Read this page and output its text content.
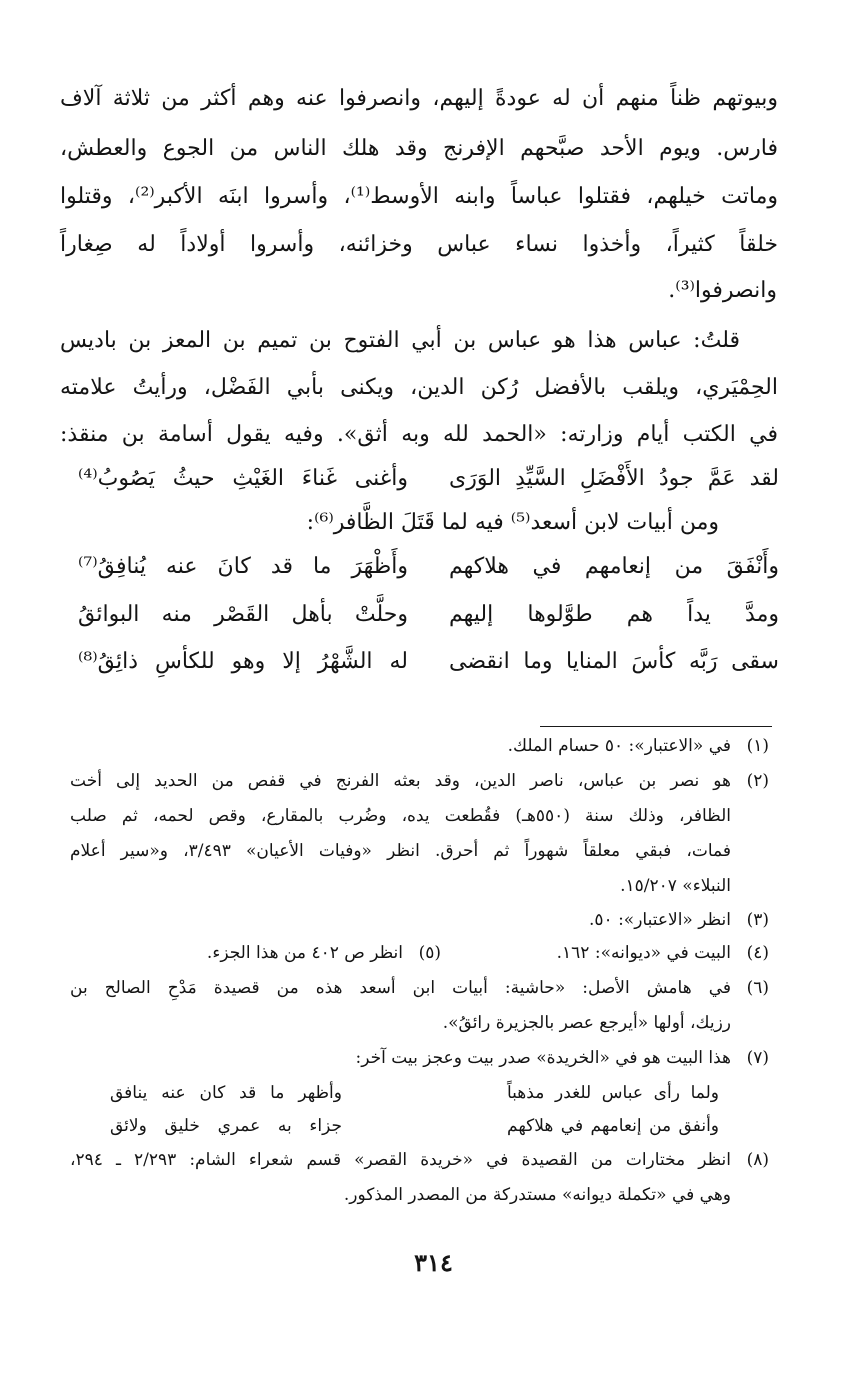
وبيوتهم ظناً منهم أن له عودةً إليهم، وانصرفوا عنه وهم أكثر من ثلاثة آلاف
فارس. ويوم الأحد صبَّحهم الإفرنج وقد هلك الناس من الجوع والعطش،
وماتت خيلهم، فقتلوا عباساً وابنه الأوسط⁽¹⁾، وأسروا ابنَه الأكبر⁽²⁾، وقتلوا
خلقاً كثيراً، وأخذوا نساء عباس وخزائنه، وأسروا أولاداً له صِغاراً
وانصرفوا⁽³⁾.
قلتُ: عباس هذا هو عباس بن أبي الفتوح بن تميم بن المعز بن باديس
الحِمْيَري، ويلقب بالأفضل رُكن الدين، ويكنى بأبي الفَضْل، ورأيتُ علامته
في الكتب أيام وزارته: «الحمد لله وبه أثق». وفيه يقول أسامة بن منقذ:
لقد عَمَّ جودُ الأَفْضَلِ السَّيِّدِ الوَرَى
وأغنى غَناءَ الغَيْثِ حيثُ يَصُوبُ⁽⁴⁾
ومن أبيات لابن أسعد⁽⁵⁾ فيه لما قَتَلَ الظَّافر⁽⁶⁾:
وأَنْفَقَ من إنعامهم في هلاكهم
وأَظْهَرَ ما قد كانَ عنه يُنافِقُ⁽⁷⁾
ومدَّ يداً هم طوَّلوها إليهم
وحلَّتْ بأهل القَصْر منه البوائقُ
سقى رَبَّه كأسَ المنايا وما انقضى
له الشَّهْرُ إلا وهو للكأسِ ذائِقُ⁽⁸⁾
(١)
في «الاعتبار»: ٥٠ حسام الملك.
(٢)
هو نصر بن عباس، ناصر الدين، وقد بعثه الفرنج في قفص من الحديد إلى أخت
الظافر، وذلك سنة (٥٥٠هـ) فقُطعت يده، وضُرب بالمقارع، وقص لحمه، ثم صلب
فمات، فبقي معلقاً شهوراً ثم أحرق. انظر «وفيات الأعيان» ٣/٤٩٣، و«سير أعلام
النبلاء» ١٥/٢٠٧.
(٣)
انظر «الاعتبار»: ٥٠.
(٤)
البيت في «ديوانه»: ١٦٢.
(٥)
انظر ص ٤٠٢ من هذا الجزء.
(٦)
في هامش الأصل: «حاشية: أبيات ابن أسعد هذه من قصيدة مَدْحِ الصالح بن
رزيك، أولها «أيرجع عصر بالجزيرة رائقُ».
(٧)
هذا البيت هو في «الخريدة» صدر بيت وعجز بيت آخر:
ولما رأى عباس للغدر مذهباً
وأظهر ما قد كان عنه ينافق
وأنفق من إنعامهم في هلاكهم
جزاء به عمري خليق ولائق
(٨)
انظر مختارات من القصيدة في «خريدة القصر» قسم شعراء الشام: ٢/٢٩٣ ـ ٢٩٤،
وهي في «تكملة ديوانه» مستدركة من المصدر المذكور.
٣١٤
